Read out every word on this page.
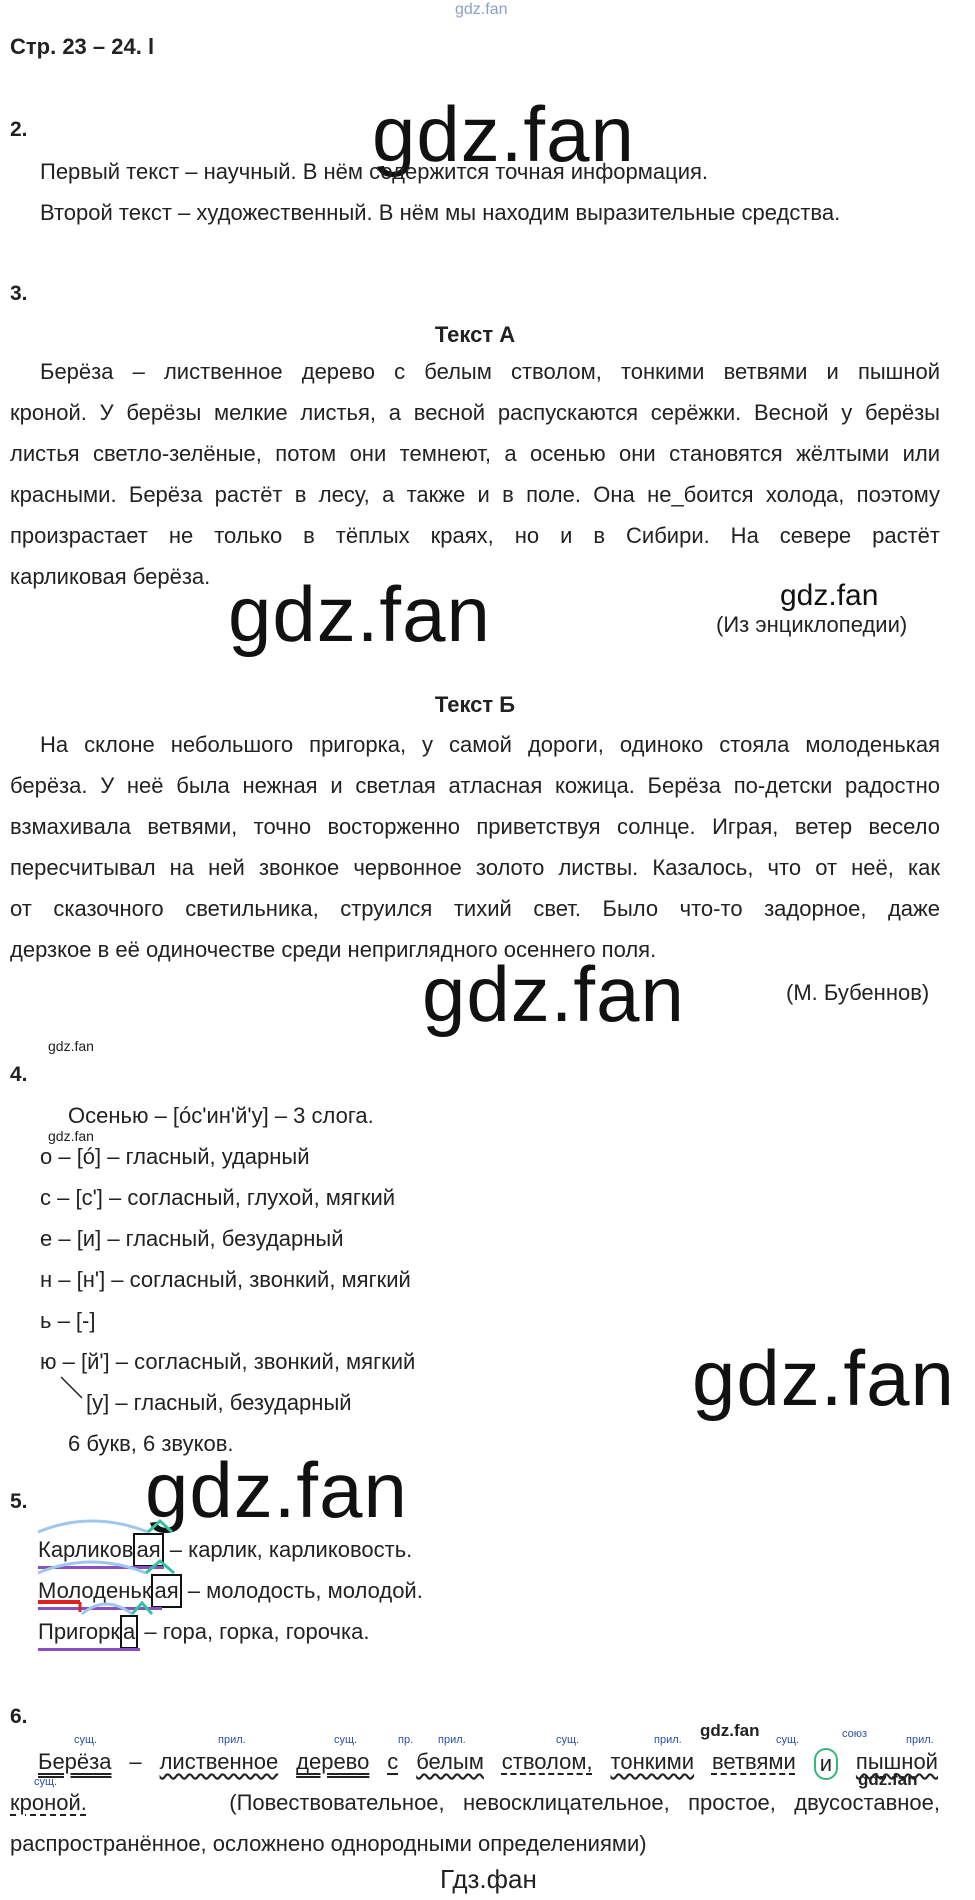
gdz.fan
Стр. 23 – 24. l
gdz.fan
gdz.fan	gdz.fan
gdz.fan
gdz.fan
gdz.fan
gdz.fan
gdz.fan
gdz.fan
gdz.fan
Гдз.фан
2.
Первый текст – научный. В нём содержится точная информация.
Второй текст – художественный. В нём мы находим выразительные средства.
3.
Текст А
Берёза – лиственное дерево с белым стволом, тонкими ветвями и пышной
кроной. У берёзы мелкие листья, а весной распускаются серёжки. Весной у берёзы
листья светло-зелёные, потом они темнеют, а осенью они становятся жёлтыми или
красными. Берёза растёт в лесу, а также и в поле. Она не_боится холода, поэтому
произрастает не только в тёплых краях, но и в Сибири. На севере растёт
карликовая берёза.
(Из энциклопедии)
Текст Б
На склоне небольшого пригорка, у самой дороги, одиноко стояла молоденькая
берёза. У неё была нежная и светлая атласная кожица. Берёза по-детски радостно
взмахивала ветвями, точно восторженно приветствуя солнце. Играя, ветер весело
пересчитывал на ней звонкое червонное золото листвы. Казалось, что от неё, как
от сказочного светильника, струился тихий свет. Было что-то задорное, даже
дерзкое в её одиночестве среди неприглядного осеннего поля.
(М. Бубеннов)
4.
Осенью – [óс'ин'й'у] – 3 слога.
о – [ó] – гласный, ударный
с – [с'] – согласный, глухой, мягкий
е – [и] – гласный, безударный
н – [н'] – согласный, звонкий, мягкий
ь – [-]
ю – [й'] – согласный, звонкий, мягкий
[у] – гласный, безударный
6 букв, 6 звуков.
5.
Карликов ая – карлик, карликовость.
Молоденьк ая – молодость, молодой.
Пригорк а – гора, горка, горочка.
6.
сущ.	прил.	сущ.	пр. прил.	сущ.	прил.	сущ.	союз	прил.
сущ.
Берёза – лиственное дерево с белым стволом, тонкими ветвями и пышной
кроной.	(Повествовательное,   невосклицательное,   простое,   двусоставное,
распространённое, осложнено однородными определениями)
